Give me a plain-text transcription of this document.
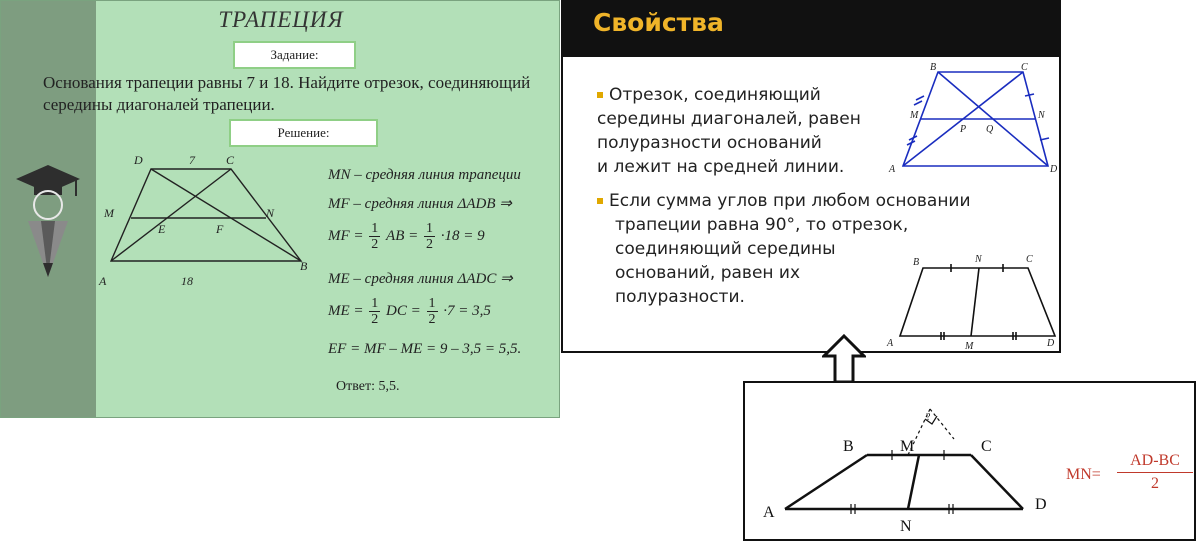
ТРАПЕЦИЯ
Задание:
Основания трапеции равны 7 и 18. Найдите отрезок, соединяющий середины диагоналей трапеции.
Решение:
D	C
7
M	N
E	F
A
B
18
MN – средняя линия трапеции
MF – средняя линия ΔADB ⇒
MF = $\frac{1}{2}$ AB = $\frac{1}{2} \cdot 18 = 9$
ME – средняя линия ΔADC ⇒
ME = $\frac{1}{2}$ DC = $\frac{1}{2} \cdot 7 = 3,5$
EF = MF – ME = 9 – 3,5 = 5,5.
Ответ: 5,5.
Свойства
Отрезок, соединяющий
середины диагоналей, равен
полуразности оснований
и лежит на средней линии.
Если сумма углов при любом основании
трапеции равна 90°, то отрезок,
соединяющий середины
оснований, равен их
полуразности.
B	C
M	N
P Q
A	D
B	N	C
A	M	D
B	M	C
A
N
D
?
$MN= \frac{AD-BC}{2}$
